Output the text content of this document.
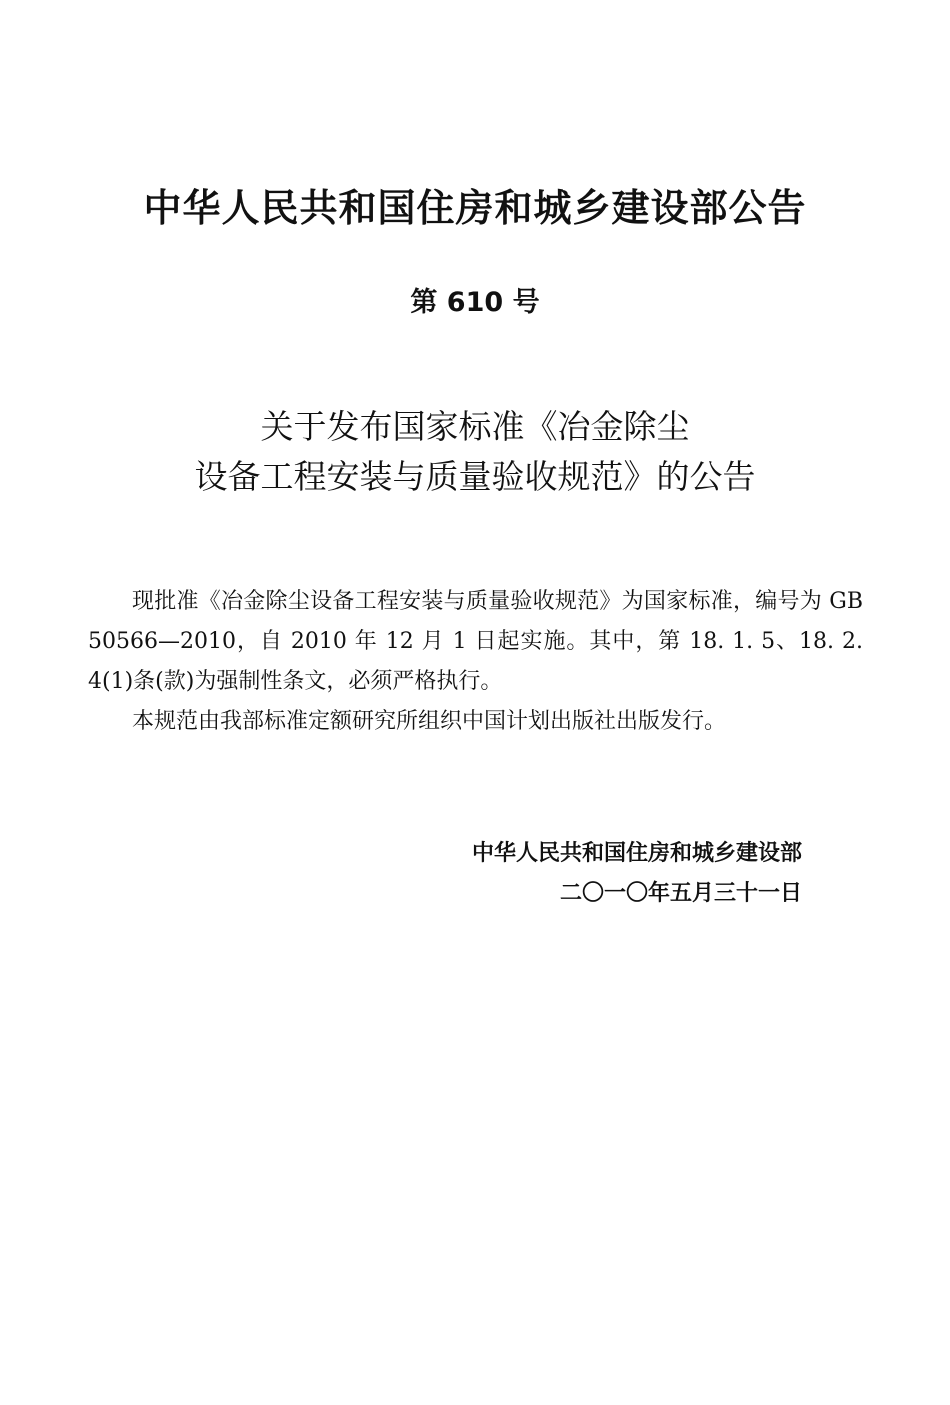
中华人民共和国住房和城乡建设部公告
第 610 号
关于发布国家标准《冶金除尘
设备工程安装与质量验收规范》的公告

现批准《冶金除尘设备工程安装与质量验收规范》为国家标准，编号为 GB 50566—2010，自 2010 年 12 月 1 日起实施。其中，第 18. 1. 5、18. 2. 4(1)条(款)为强制性条文，必须严格执行。

本规范由我部标准定额研究所组织中国计划出版社出版发行。

中华人民共和国住房和城乡建设部
二〇一〇年五月三十一日
